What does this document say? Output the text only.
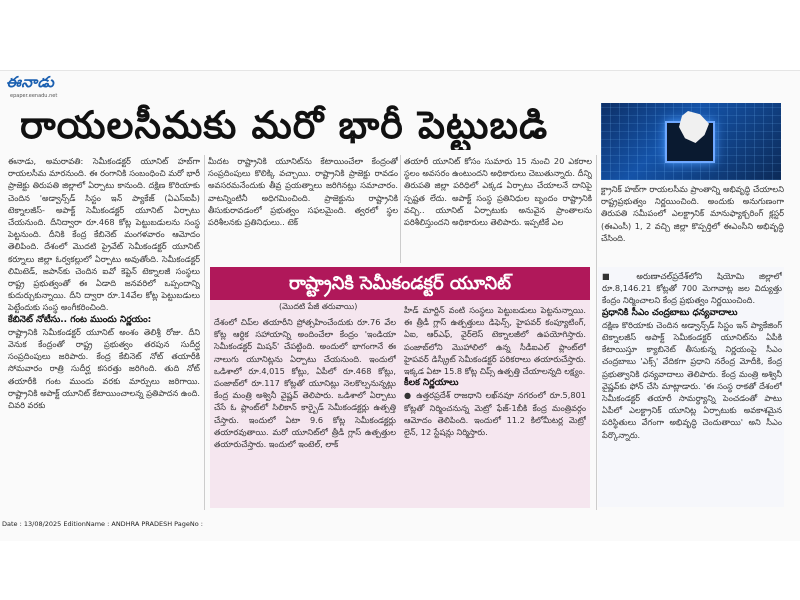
ఈనాడు
epaper.eenadu.net
రాయలసీమకు మరో భారీ పెట్టుబడి

ఈనాడు, అమరావతి: సెమీకండక్టర్ యూనిట్ హబ్‌గా రాయలసీమ మారనుంది. ఈ రంగానికి సంబంధించి మరో భారీ ప్రాజెక్టు తిరుపతి జిల్లాలో ఏర్పాటు కానుంది. దక్షిణ కొరియాకు చెందిన 'అడ్వాన్స్‌డ్ సిస్టం ఇన్ ప్యాకేజ్ (ఏఎస్ఐపీ) టెక్నాలజీస్- అపాక్ట్ సెమీకండక్టర్ యూనిట్ ఏర్పాటు చేయనుంది. దీనిద్వారా రూ.468 కోట్ల పెట్టుబడులను సంస్థ పెట్టనుంది. దీనికి కేంద్ర కేబినెట్ మంగళవారం ఆమోదం తెలిపింది. దేశంలో మొదటి ప్రైవేట్ సెమీకండక్టర్ యూనిట్ కర్నూలు జిల్లా ఓర్వకల్లులో ఏర్పాటు అవుతోంది. సెమీకండక్టర్ లిమిటెడ్, జపాన్‌కు చెందిన ఐవో కెప్టెన్ టెక్నాలజీ సంస్థలు రాష్ట్ర ప్రభుత్వంతో ఈ ఏడాది జనవరిలో ఒప్పందాన్ని కుదుర్చుకున్నాయి. దీని ద్వారా రూ.14వేల కోట్ల పెట్టుబడులు పెట్టేందుకు సంస్థ అంగీకరించింది.

కేబినెట్ నోటీసు.. గంట ముందు నిర్ణయం:

రాష్ట్రానికి సెమీకండక్టర్ యూనిట్ అంశం తెలిశ్రీ రోజు. దీని వెనుక కేంద్రంతో రాష్ట్ర ప్రభుత్వం తరపున సుదీర్ఘ సంప్రదింపులు జరిపారు. కేంద్ర కేబినెట్ నోట్ తయారీకి సోమవారం రాత్రి సుదీర్ఘ కసరత్తు జరిగింది. తుది నోట్ తయారీకి గంట ముందు వరకు మార్పులు జరిగాయి. రాష్ట్రానికి అపాక్ట్ యూనిట్ కేటాయించాలన్న ప్రతిపాదన ఉంది. చివరి వరకు

మీదట రాష్ట్రానికి యూనిట్‌ను కేటాయించేలా కేంద్రంతో సంప్రదింపులు కొలిక్కి వచ్చాయి. రాష్ట్రానికి ప్రాజెక్టు రావడం అవసరమనేందుకు తీవ్ర ప్రయత్నాలు జరిగినట్లు సమాచారం. వాటన్నింటినీ అధిగమించింది. ప్రాజెక్టును రాష్ట్రానికి తీసుకురావడంలో ప్రభుత్వం సఫలమైంది. త్వరలో స్థల పరిశీలనకు ప్రతినిధులు.. టెక్

తయారీ యూనిట్ కోసం సుమారు 15 నుంచి 20 ఎకరాల స్థలం అవసరం ఉంటుందని అధికారులు చెబుతున్నారు. దీన్ని తిరుపతి జిల్లా పరిధిలో ఎక్కడ ఏర్పాటు చేయాలనే దానిపై స్పష్టత లేదు. అపాక్ట్ సంస్థ ప్రతినిధుల బృందం రాష్ట్రానికి వచ్చి.. యూనిట్ ఏర్పాటుకు అనువైన ప్రాంతాలను పరిశీలిస్తుందని అధికారులు తెలిపారు. ఇప్పటికే ఎల

క్ట్రానిక్ హబ్‌గా రాయలసీమ ప్రాంతాన్ని అభివృద్ధి చేయాలని రాష్ట్రప్రభుత్వం నిర్ణయించింది. అందుకు అనుగుణంగా తిరుపతి సమీపంలో ఎలక్ట్రానిక్ మానుఫ్యాక్చరింగ్ క్లస్టర్ (ఈఎంసీ) 1, 2 వచ్చి జిల్లా కొప్పర్తిలో ఈఎంసీని అభివృద్ధి చేసింది.

రాష్ట్రానికి సెమీకండక్టర్ యూనిట్
(మొదటి పేజీ తరువాయి)

దేశంలో చిప్‌ల తయారీని ప్రోత్సహించేందుకు రూ.76 వేల కోట్ల ఆర్థిక సహాయాన్ని అందించేలా కేంద్రం 'ఇండియా సెమీకండక్టర్ మిషన్' చేపట్టింది. అందులో భాగంగానే ఈ నాలుగు యూనిట్లను ఏర్పాటు చేయనుంది. ఇందులో ఒడిశాలో రూ.4,015 కోట్లు, ఏపీలో రూ.468 కోట్లు, పంజాబ్‌లో రూ.117 కోట్లతో యూనిట్లు నెలకొల్పనున్నట్లు కేంద్ర మంత్రి అశ్వినీ వైష్ణవ్ తెలిపారు. ఒడిశాలో ఏర్పాటు చేసే ఓ ప్లాంట్‌లో సిలికాన్ కార్బైడ్ సెమీకండక్టర్లు ఉత్పత్తి చేస్తారు. ఇందులో ఏటా 9.6 కోట్ల సెమీకండక్టర్లు తయారవుతాయి. మరో యూనిట్‌లో త్రీడీ గ్లాస్ ఉత్పత్తుల తయారుచేస్తారు. ఇందులో ఇంటెల్, లాక్

హీడ్ మార్టిన్ వంటి సంస్థలు పెట్టుబడులు పెట్టనున్నాయి. ఈ త్రీడీ గ్లాస్ ఉత్పత్తులు డిఫెన్స్, హైపవర్ కంప్యూటింగ్, ఏఐ, ఆర్ఎఫ్, వైర్‌లెస్ టెక్నాలజీలో ఉపయోగిస్తారు. పంజాబ్‌లోని మొహాలిలో ఉన్న సీడీఐఎల్ ప్లాంట్‌లో హైపవర్ డిస్క్రీట్ సెమీకండక్టర్ పరికరాలు తయారుచేస్తారు. ఇక్కడ ఏటా 15.8 కోట్ల చిప్స్ ఉత్పత్తి చేయాలన్నది లక్ష్యం.

కీలక నిర్ణయాలు

● ఉత్తరప్రదేశ్ రాజధాని లఖ్‌నవూ నగరంలో రూ.5,801 కోట్లతో నిర్మించనున్న మెట్రో ఫేజ్-1బీకి కేంద్ర మంత్రివర్గం ఆమోదం తెలిపింది. ఇందులో 11.2 కిలోమీటర్ల మెట్రో లైన్, 12 స్టేషన్లు నిర్మిస్తారు.

■ అరుణాచల్‌ప్రదేశ్‌లోని షియోమి జిల్లాలో రూ.8,146.21 కోట్లతో 700 మెగావాట్ల జల విద్యుత్తు కేంద్రం నిర్మించాలని కేంద్ర ప్రభుత్వం నిర్ణయించింది.

ప్రధానికి సీఎం చంద్రబాబు ధన్యవాదాలు

దక్షిణ కొరియాకు చెందిన అడ్వాన్స్‌డ్ సిస్టం ఇన్ ప్యాకేజింగ్ టెక్నాలజీస్ అపాక్ట్ సెమీకండక్టర్ యూనిట్‌ను ఏపీకి కేటాయిస్తూ క్యాబినెట్ తీసుకున్న నిర్ణయంపై సీఎం చంద్రబాబు 'ఎక్స్' వేదికగా ప్రధాని నరేంద్ర మోదీకి, కేంద్ర ప్రభుత్వానికి ధన్యవాదాలు తెలిపారు. కేంద్ర మంత్రి అశ్వినీ వైష్ణవ్‌కు ఫోన్ చేసి మాట్లాడారు. 'ఈ సంస్థ రాకతో దేశంలో సెమీకండక్టర్ తయారీ సామర్థ్యాన్ని పెంచడంతో పాటు ఏపీలో ఎలక్ట్రానిక్ యూనిట్ల ఏర్పాటుకు అవకాశమైన పరిస్థితులు వేగంగా అభివృద్ధి చెందుతాయి' అని సీఎం పేర్కొన్నారు.

Date : 13/08/2025 EditionName : ANDHRA PRADESH PageNo :
